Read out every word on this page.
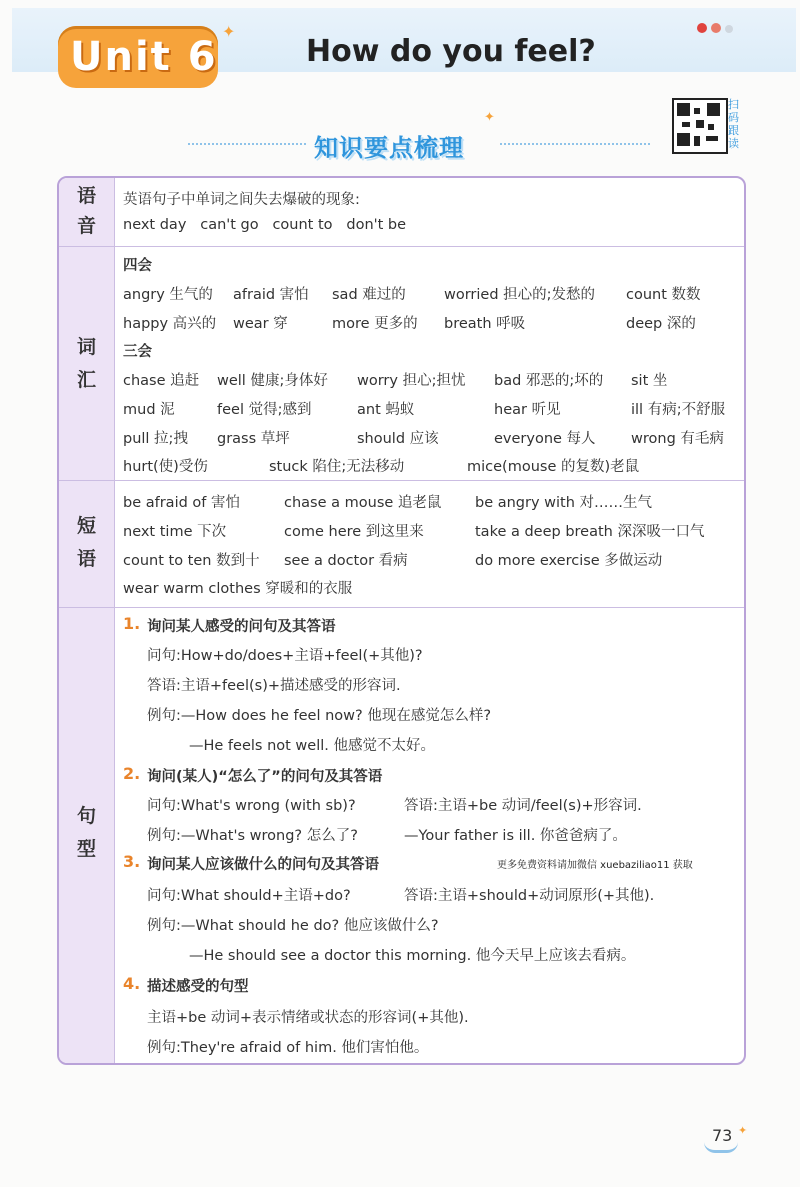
Unit 6
✦
How do you feel?
知识要点梳理
✦
扫码跟读
语
音
英语句子中单词之间失去爆破的现象:
next day   can't go   count to   don't be
词
汇
四会
angry 生气的 afraid 害怕 sad 难过的	worried 担心的;发愁的 count 数数
happy 高兴的 wear 穿	more 更多的 breath 呼吸	deep 深的
三会
chase 追赶 well 健康;身体好 worry 担心;担忧 bad 邪恶的;坏的 sit 坐
mud 泥	feel 觉得;感到	ant 蚂蚁	hear 听见	ill 有病;不舒服
pull 拉;拽 grass 草坪	should 应该	everyone 每人 wrong 有毛病
hurt(使)受伤	stuck 陷住;无法移动	mice(mouse 的复数)老鼠
短
语
be afraid of 害怕	chase a mouse 追老鼠 be angry with 对……生气
next time 下次	come here 到这里来	take a deep breath 深深吸一口气
count to ten 数到十 see a doctor 看病	do more exercise 多做运动
wear warm clothes 穿暖和的衣服
句
型
1. 询问某人感受的问句及其答语
问句:How+do/does+主语+feel(+其他)?
答语:主语+feel(s)+描述感受的形容词.
例句:—How does he feel now? 他现在感觉怎么样?
—He feels not well. 他感觉不太好。
2. 询问(某人)“怎么了”的问句及其答语
问句:What's wrong (with sb)?	答语:主语+be 动词/feel(s)+形容词.
例句:—What's wrong? 怎么了?	—Your father is ill. 你爸爸病了。
3. 询问某人应该做什么的问句及其答语
问句:What should+主语+do?	答语:主语+should+动词原形(+其他).
例句:—What should he do? 他应该做什么?
—He should see a doctor this morning. 他今天早上应该去看病。
4. 描述感受的句型
主语+be 动词+表示情绪或状态的形容词(+其他).
例句:They're afraid of him. 他们害怕他。
更多免费资料请加微信 xuebaziliao11 获取
73 ✦
